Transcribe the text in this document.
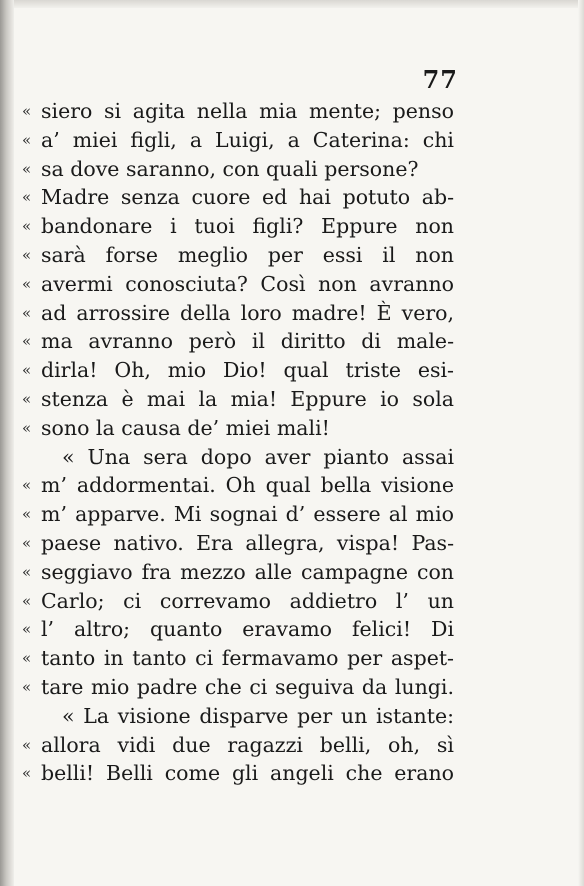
77
« siero si agita nella mia mente; penso
« a’ miei figli, a Luigi, a Caterina: chi
« sa dove saranno, con quali persone?
« Madre senza cuore ed hai potuto ab-
« bandonare i tuoi figli? Eppure non
« sarà forse meglio per essi il non
« avermi conosciuta? Così non avranno
« ad arrossire della loro madre! È vero,
« ma avranno però il diritto di male-
« dirla! Oh, mio Dio! qual triste esi-
« stenza è mai la mia! Eppure io sola
« sono la causa de’ miei mali!
« Una sera dopo aver pianto assai
« m’ addormentai. Oh qual bella visione
« m’ apparve. Mi sognai d’ essere al mio
« paese nativo. Era allegra, vispa! Pas-
« seggiavo fra mezzo alle campagne con
« Carlo; ci correvamo addietro l’ un
« l’ altro; quanto eravamo felici! Di
« tanto in tanto ci fermavamo per aspet-
« tare mio padre che ci seguiva da lungi.
« La visione disparve per un istante:
« allora vidi due ragazzi belli, oh, sì
« belli! Belli come gli angeli che erano
